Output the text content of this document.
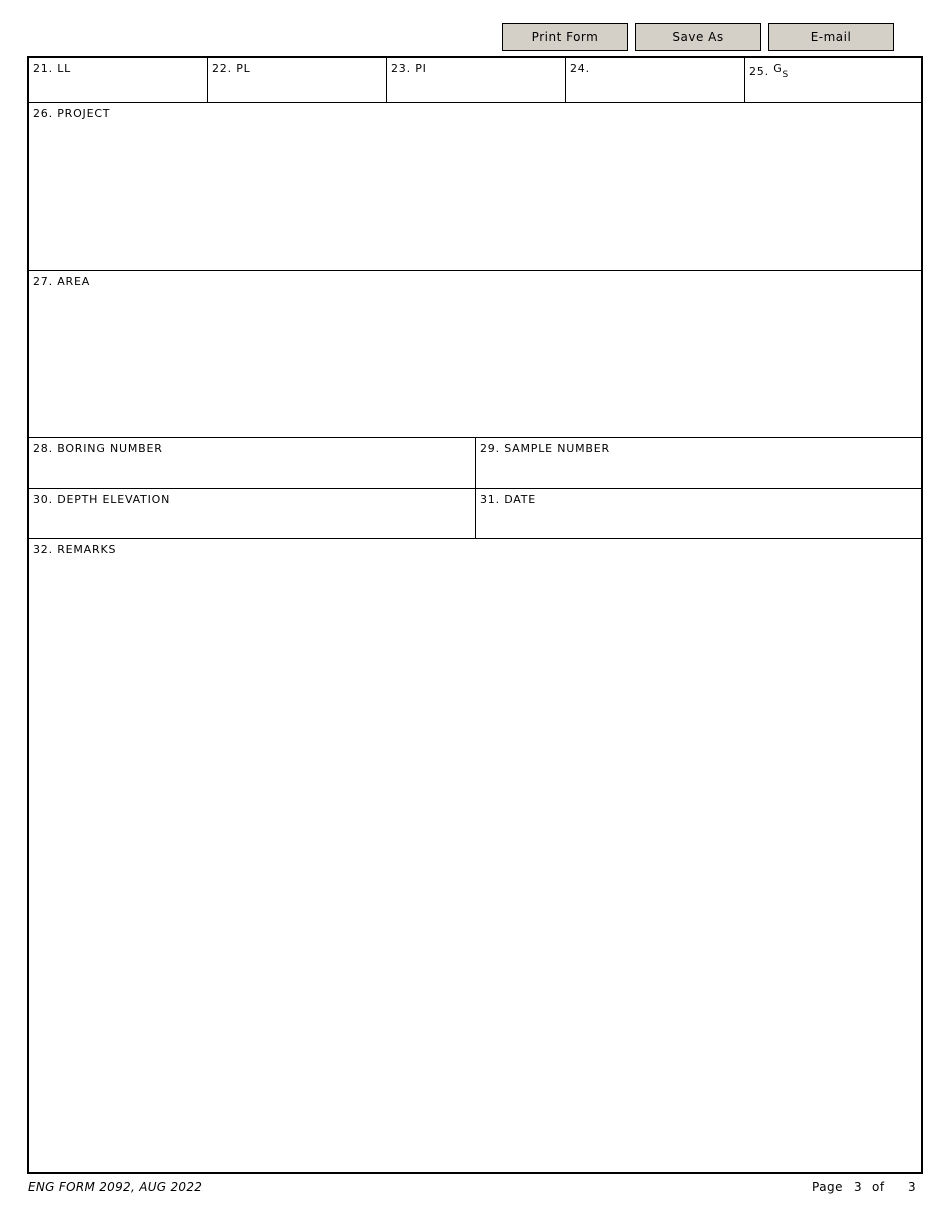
Print Form	Save As	E-mail
21. LL	22. PL	23. PI	24.	25. $G_S$
26. PROJECT
27. AREA
28. BORING NUMBER	29. SAMPLE NUMBER
30. DEPTH ELEVATION	31. DATE
32. REMARKS
ENG FORM 2092, AUG 2022	Page 3 of 3
